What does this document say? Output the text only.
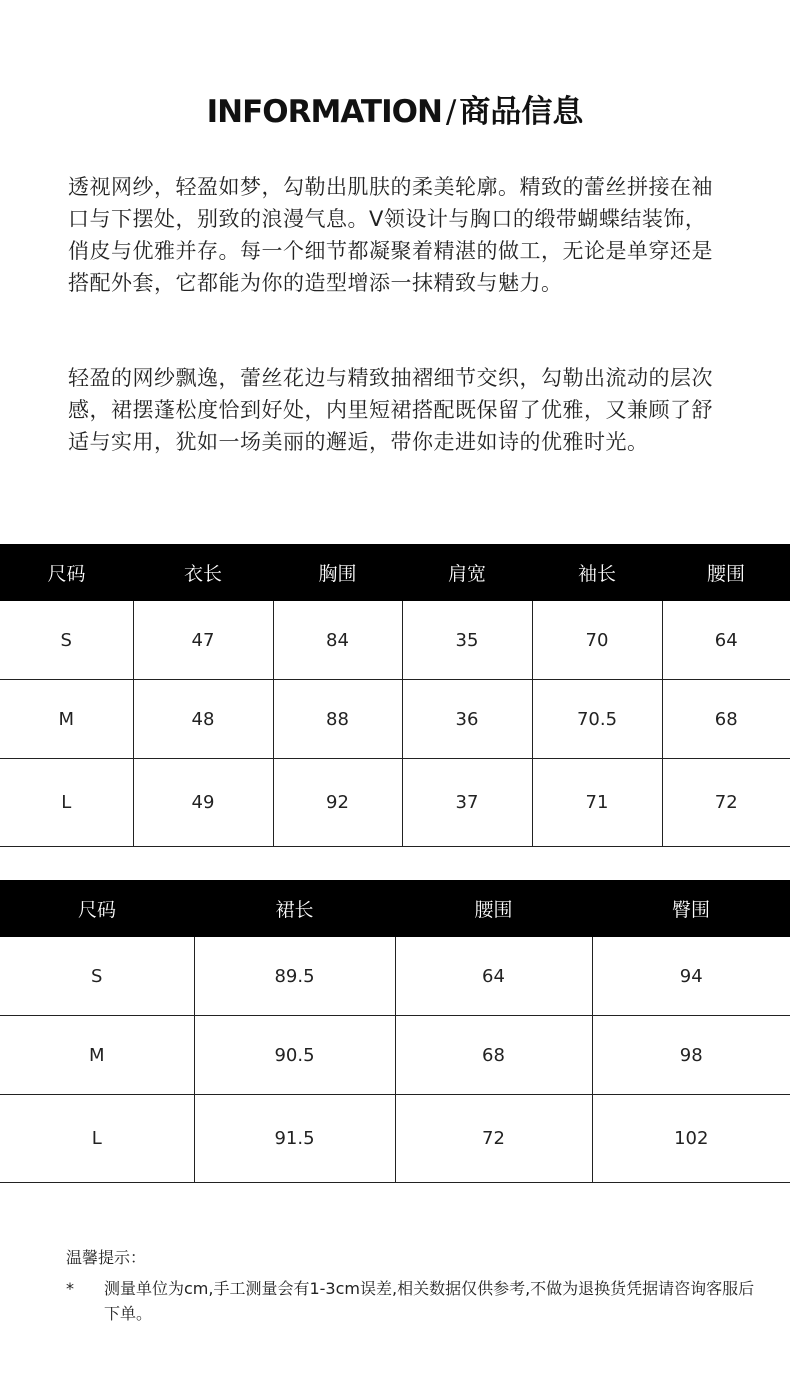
INFORMATION / 商品信息

透视网纱，轻盈如梦，勾勒出肌肤的柔美轮廓。精致的蕾丝拼接在袖口与下摆处，别致的浪漫气息。V领设计与胸口的缎带蝴蝶结装饰，俏皮与优雅并存。每一个细节都凝聚着精湛的做工，无论是单穿还是搭配外套，它都能为你的造型增添一抹精致与魅力。

轻盈的网纱飘逸，蕾丝花边与精致抽褶细节交织，勾勒出流动的层次感，裙摆蓬松度恰到好处，内里短裙搭配既保留了优雅，又兼顾了舒适与实用，犹如一场美丽的邂逅，带你走进如诗的优雅时光。

尺码	衣长	胸围	肩宽	袖长	腰围
S	47	84	35	70	64
M	48	88	36	70.5	68
L	49	92	37	71	72
尺码	裙长	腰围	臀围
S	89.5	64	94
M	90.5	68	98
L	91.5	72	102
温馨提示：
* 测量单位为cm,手工测量会有1-3cm误差,相关数据仅供参考,不做为退换货凭据请咨询客服后下单。
